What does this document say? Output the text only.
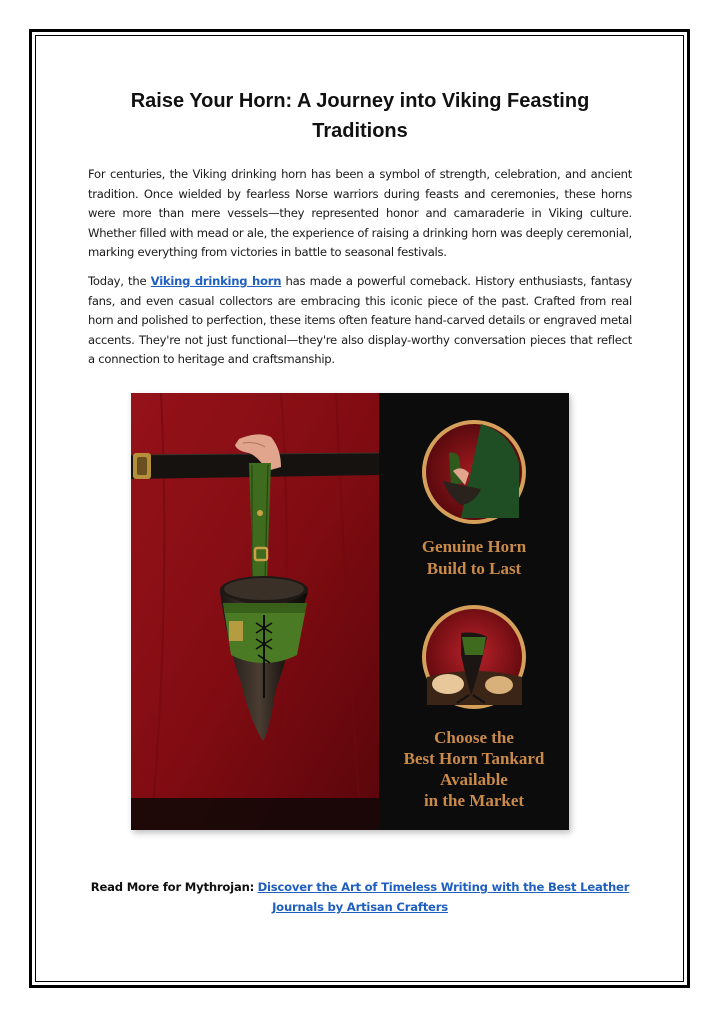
Raise Your Horn: A Journey into Viking Feasting Traditions
For centuries, the Viking drinking horn has been a symbol of strength, celebration, and ancient tradition. Once wielded by fearless Norse warriors during feasts and ceremonies, these horns were more than mere vessels—they represented honor and camaraderie in Viking culture. Whether filled with mead or ale, the experience of raising a drinking horn was deeply ceremonial, marking everything from victories in battle to seasonal festivals.
Today, the Viking drinking horn has made a powerful comeback. History enthusiasts, fantasy fans, and even casual collectors are embracing this iconic piece of the past. Crafted from real horn and polished to perfection, these items often feature hand-carved details or engraved metal accents. They're not just functional—they're also display-worthy conversation pieces that reflect a connection to heritage and craftsmanship.
Genuine Horn
Build to Last
Choose the
Best Horn Tankard
Available
in the Market
Read More for Mythrojan: Discover the Art of Timeless Writing with the Best Leather Journals by Artisan Crafters
